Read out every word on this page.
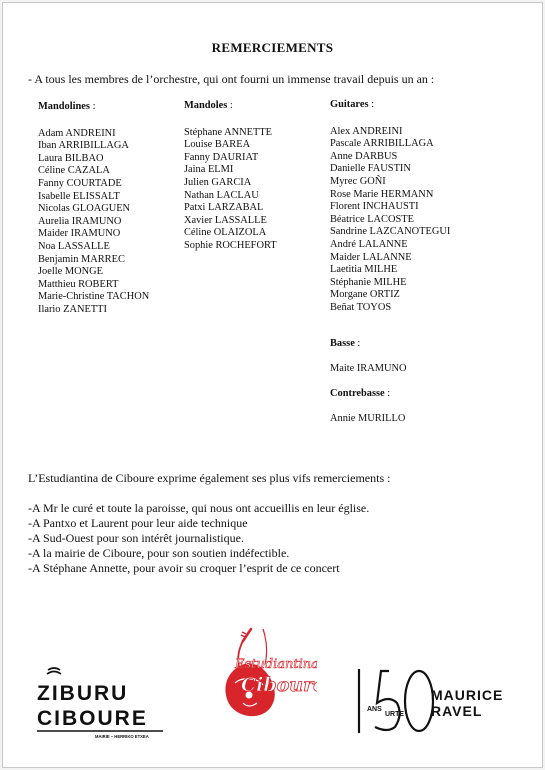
REMERCIEMENTS
- A tous les membres de l’orchestre, qui ont fourni un immense travail depuis un an :
Mandolines :
Adam ANDREINI
Iban ARRIBILLAGA
Laura BILBAO
Céline CAZALA
Fanny COURTADE
Isabelle ELISSALT
Nicolas GLOAGUEN
Aurelia IRAMUNO
Maider IRAMUNO
Noa LASSALLE
Benjamin MARREC
Joelle MONGE
Matthieu ROBERT
Marie-Christine TACHON
Ilario ZANETTI
Mandoles :
Stéphane ANNETTE
Louise BAREA
Fanny DAURIAT
Jaina ELMI
Julien GARCIA
Nathan LACLAU
Patxi LARZABAL
Xavier LASSALLE
Céline OLAIZOLA
Sophie ROCHEFORT
Guitares :
Alex ANDREINI
Pascale ARRIBILLAGA
Anne DARBUS
Danielle FAUSTIN
Myrec GOÑI
Rose Marie HERMANN
Florent INCHAUSTI
Béatrice LACOSTE
Sandrine LAZCANOTEGUI
André LALANNE
Maider LALANNE
Laetitia MILHE
Stéphanie MILHE
Morgane ORTIZ
Beñat TOYOS
Basse :
Maite IRAMUNO
Contrebasse :
Annie MURILLO
L’Estudiantina de Ciboure exprime également ses plus vifs remerciements :
-A Mr le curé et toute la paroisse, qui nous ont accueillis en leur église.
-A Pantxo et Laurent pour leur aide technique
-A Sud-Ouest pour son intérêt journalistique.
-A la mairie de Ciboure, pour son soutien indéfectible.
-A Stéphane Annette, pour avoir su croquer l’esprit de ce concert
ZIBURU
CIBOURE
MAIRIE – HERRIKO ETXEA
Estudiantina
Ciboure
ANS
URTE
MAURICE
RAVEL
